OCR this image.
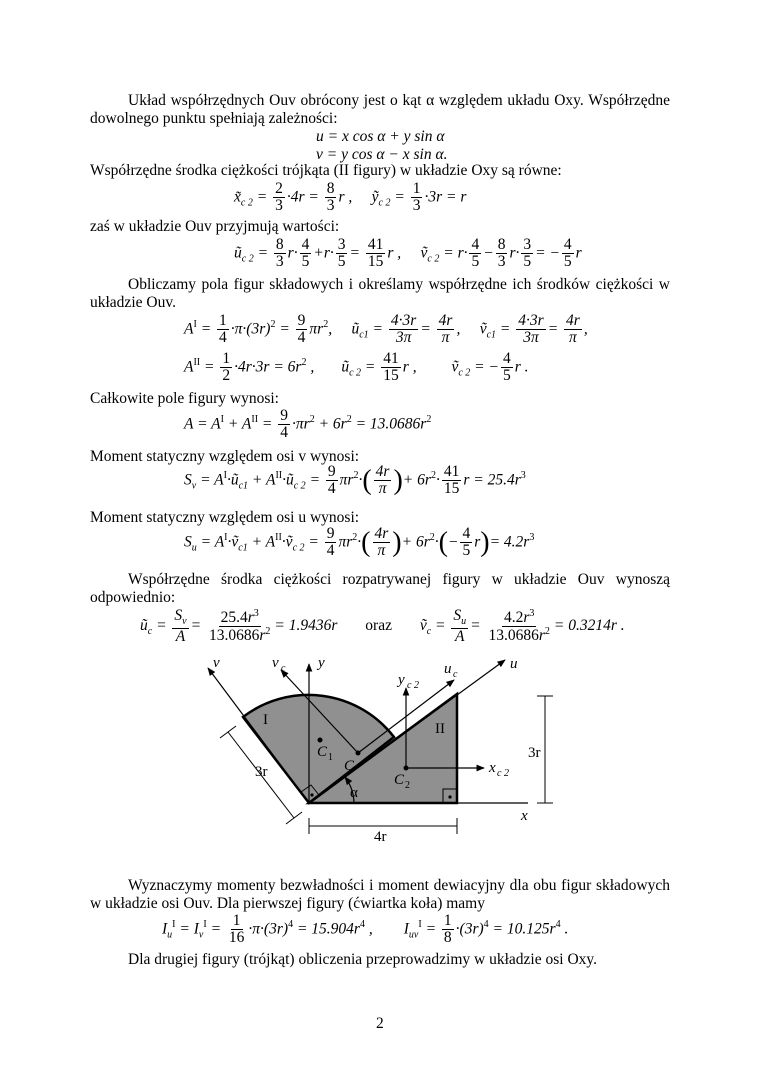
Układ współrzędnych Ouv obrócony jest o kąt α względem układu Oxy. Współrzędne
dowolnego punktu spełniają zależności:
u = x cos α + y sin α
v = y cos α − x sin α.
Współrzędne środka ciężkości trójkąta (II figury) w układzie Oxy są równe:
$x̃_{c 2} = \frac{2}{3} \cdot 4r = \frac{8}{3}$ r ,     ỹ$_{c 2}$ = $\frac{1}{3} \cdot 3r = r$
zaś w układzie Ouv przyjmują wartości:
$ũ_{c 2} = \frac{8}{3} r\cdot \frac{4}{5} +r\cdot \frac{3}{5} = \frac{41}{15}$ r ,     ṽ$_{c 2}$ = $r\cdot \frac{4}{5} - \frac{8}{3} r\cdot \frac{3}{5}$ = − $\frac{4}{5}$ r
Obliczamy pola figur składowych i określamy współrzędne ich środków ciężkości w
układzie Ouv.
$A^I = \frac{1}{4} \cdot\pi\cdot(3r)^2 = \frac{9}{4} \pi r^2$,     $ũ_{c1} = \frac{4\cdot 3r}{3\pi} = \frac{4r}{\pi}$ ,     ṽ$_{c1}$ = $\frac{4\cdot 3r}{3\pi} = \frac{4r}{\pi}$ ,
$A^{II} = \frac{1}{2} \cdot 4r\cdot 3r = 6r^2$ ,       $ũ_{c 2} = \frac{41}{15}$ r ,         ṽ$_{c 2}$ = − $\frac{4}{5}$ r .
Całkowite pole figury wynosi:
$A = A^I + A^{II} = \frac{9}{4} \cdot\pi r^2 + 6r^2 = 13.0686r^2$
Moment statyczny względem osi v wynosi:
$S_v$ = $A^I\cdot ũ_{c1}$ + $A^{II}\cdot ũ_{c 2} = \frac{9}{4} \pi r^2\cdot( \frac{4r}{\pi}$ )+ $6r^2\cdot \frac{41}{15}$ $r = 25.4r^3$
Moment statyczny względem osi u wynosi:
$S_u$ = $A^I\cdot ṽ_{c1}$ + $A^{II}\cdot ṽ_{c 2} = \frac{9}{4} \pi r^2\cdot( \frac{4r}{\pi}$ )+ $6r^2\cdot(- \frac{4}{5} r)= 4.2r^3$
Współrzędne środka ciężkości rozpatrywanej figury w układzie Ouv wynoszą
odpowiednio:
$ũ_c = \frac{S_v}{A} = \frac{25.4r^3}{13.0686r^2} = 1.9436r$ oraz ṽ$_c$ = $\frac{S_u}{A} = \frac{4.2r^3}{13.0686r^2} = 0.3214r$ .
v	v c y
y c 2
u c
u
I
II
C 1
C
C 2
x c 2
x
α
3r
3r
4r
Wyznaczymy momenty bezwładności i moment dewiacyjny dla obu figur składowych
w układzie osi Ouv. Dla pierwszej figury (ćwiartka koła) mamy
$I_u^I = I_v^I = \frac{1}{16} \cdot\pi\cdot(3r)^4 = 15.904r^4$ ,        $I_{uv}^I = \frac{1}{8} \cdot(3r)^4 = 10.125r^4$ .
Dla drugiej figury (trójkąt) obliczenia przeprowadzimy w układzie osi Oxy.
2
